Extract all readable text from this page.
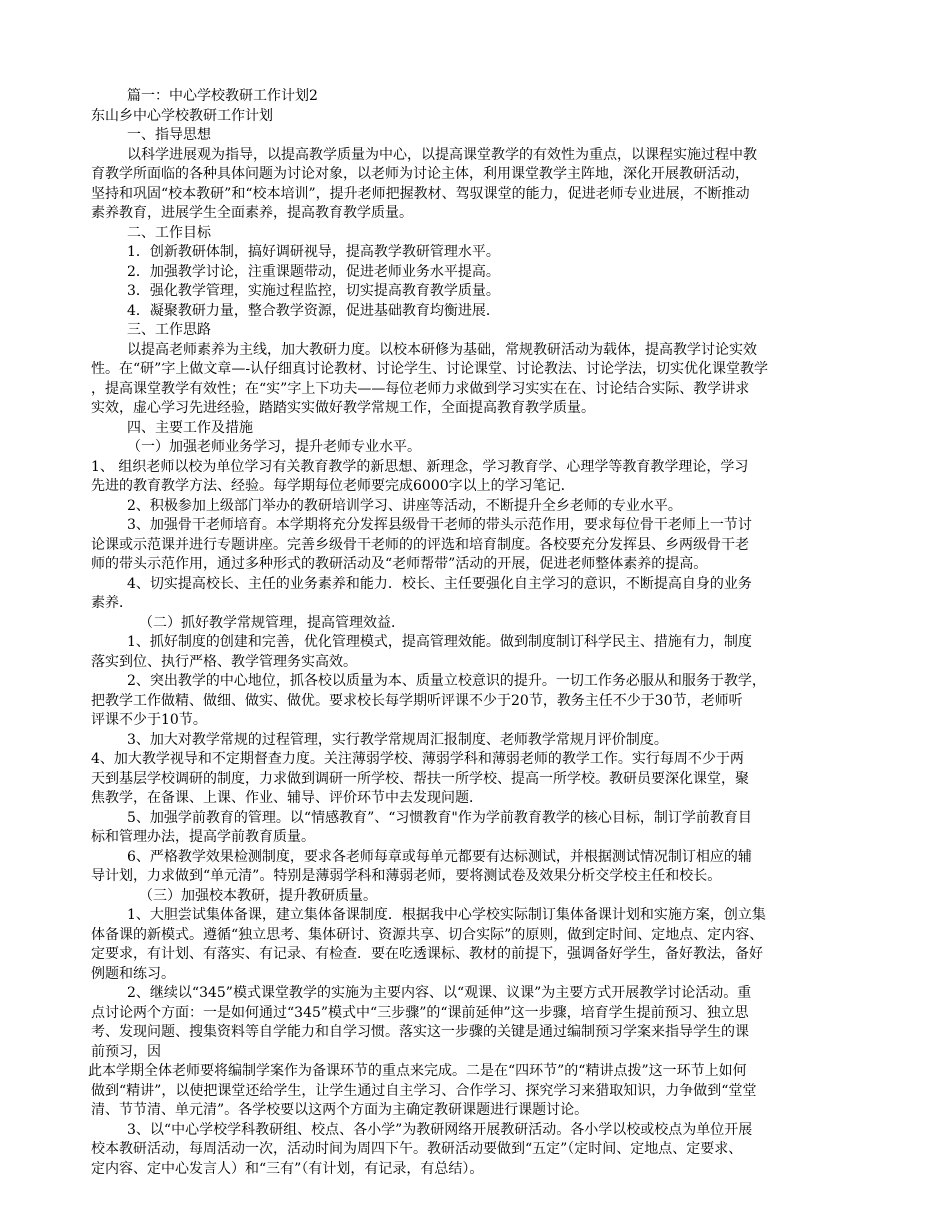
篇一：中心学校教研工作计划2
东山乡中心学校教研工作计划
一、指导思想
以科学进展观为指导，以提高教学质量为中心，以提高课堂教学的有效性为重点，以课程实施过程中教
育教学所面临的各种具体问题为讨论对象，以老师为讨论主体，利用课堂教学主阵地，深化开展教研活动，
坚持和巩固“校本教研”和“校本培训”，提升老师把握教材、驾驭课堂的能力，促进老师专业进展，不断推动
素养教育，进展学生全面素养，提高教育教学质量。
二、工作目标
1．创新教研体制，搞好调研视导，提高教学教研管理水平。
2．加强教学讨论，注重课题带动，促进老师业务水平提高。
3．强化教学管理，实施过程监控，切实提高教育教学质量。
4．凝聚教研力量，整合教学资源，促进基础教育均衡进展．
三、工作思路
以提高老师素养为主线，加大教研力度。以校本研修为基础，常规教研活动为载体，提高教学讨论实效
性。在“研”字上做文章—-认仔细真讨论教材、讨论学生、讨论课堂、讨论教法、讨论学法，切实优化课堂教学
，提高课堂教学有效性；在“实”字上下功夫——每位老师力求做到学习实实在在、讨论结合实际、教学讲求
实效，虚心学习先进经验，踏踏实实做好教学常规工作，全面提高教育教学质量。
四、主要工作及措施
（一）加强老师业务学习，提升老师专业水平。
1、 组织老师以校为单位学习有关教育教学的新思想、新理念，学习教育学、心理学等教育教学理论，学习
先进的教育教学方法、经验。每学期每位老师要完成6000字以上的学习笔记．
2、积极参加上级部门举办的教研培训学习、讲座等活动，不断提升全乡老师的专业水平。
3、加强骨干老师培育。本学期将充分发挥县级骨干老师的带头示范作用，要求每位骨干老师上一节讨
论课或示范课并进行专题讲座。完善乡级骨干老师的的评选和培育制度。各校要充分发挥县、乡两级骨干老
师的带头示范作用，通过多种形式的教研活动及“老师帮带”活动的开展，促进老师整体素养的提高。
4、切实提高校长、主任的业务素养和能力．校长、主任要强化自主学习的意识，不断提高自身的业务
素养．
（二）抓好教学常规管理，提高管理效益．
1、抓好制度的创建和完善，优化管理模式，提高管理效能。做到制度制订科学民主、措施有力，制度
落实到位、执行严格、教学管理务实高效。
2、突出教学的中心地位，抓各校以质量为本、质量立校意识的提升。一切工作务必服从和服务于教学，
把教学工作做精、做细、做实、做优。要求校长每学期听评课不少于20节，教务主任不少于30节，老师听
评课不少于10节。
3、加大对教学常规的过程管理，实行教学常规周汇报制度、老师教学常规月评价制度。
4、加大教学视导和不定期督查力度。关注薄弱学校、薄弱学科和薄弱老师的教学工作。实行每周不少于两
天到基层学校调研的制度，力求做到调研一所学校、帮扶一所学校、提高一所学校。教研员要深化课堂，聚
焦教学，在备课、上课、作业、辅导、评价环节中去发现问题．
5、加强学前教育的管理。以“情感教育”、“习惯教育"作为学前教育教学的核心目标，制订学前教育目
标和管理办法，提高学前教育质量。
6、严格教学效果检测制度，要求各老师每章或每单元都要有达标测试，并根据测试情况制订相应的辅
导计划，力求做到“单元清”。特别是薄弱学科和薄弱老师，要将测试卷及效果分析交学校主任和校长。
（三）加强校本教研，提升教研质量。
1、大胆尝试集体备课，建立集体备课制度．根据我中心学校实际制订集体备课计划和实施方案，创立集
体备课的新模式。遵循“独立思考、集体研讨、资源共享、切合实际”的原则，做到定时间、定地点、定内容、
定要求，有计划、有落实、有记录、有检查．要在吃透课标、教材的前提下，强调备好学生，备好教法，备好
例题和练习。
2、继续以“345”模式课堂教学的实施为主要内容、以“观课、议课”为主要方式开展教学讨论活动。重
点讨论两个方面：一是如何通过“345”模式中“三步骤”的“课前延伸”这一步骤，培育学生提前预习、独立思
考、发现问题、搜集资料等自学能力和自学习惯。落实这一步骤的关键是通过编制预习学案来指导学生的课
前预习，因
此本学期全体老师要将编制学案作为备课环节的重点来完成。二是在“四环节”的“精讲点拨”这一环节上如何
做到“精讲”，以使把课堂还给学生，让学生通过自主学习、合作学习、探究学习来猎取知识，力争做到“堂堂
清、节节清、单元清”。各学校要以这两个方面为主确定教研课题进行课题讨论。
3、以“中心学校学科教研组、校点、各小学”为教研网络开展教研活动。各小学以校或校点为单位开展
校本教研活动，每周活动一次，活动时间为周四下午。教研活动要做到“五定”（定时间、定地点、定要求、
定内容、定中心发言人）和“三有”（有计划，有记录，有总结）。
